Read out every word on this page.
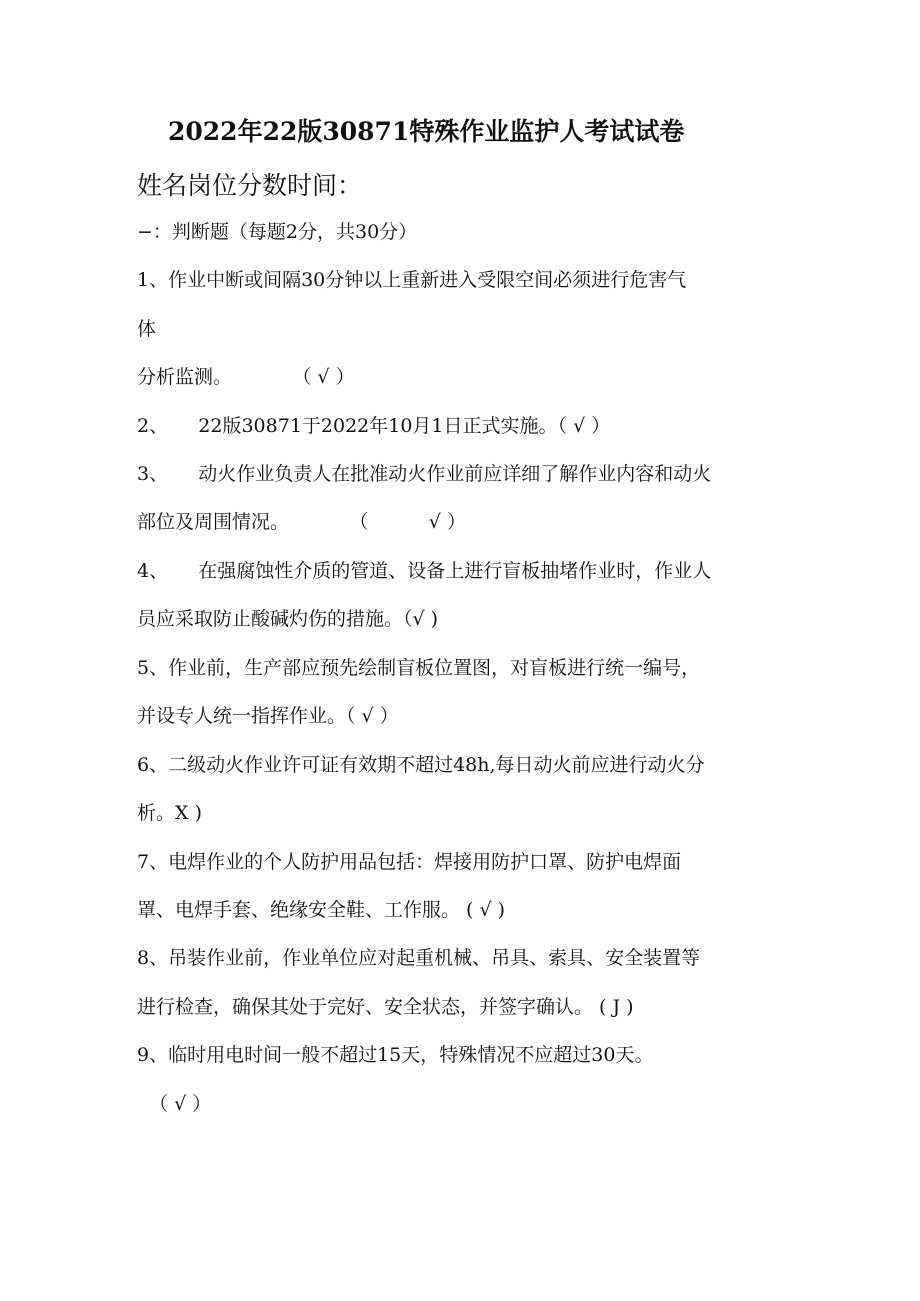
2022年22版30871特殊作业监护人考试试卷
姓名岗位分数时间：
−：判断题（每题2分，共30分）
1、作业中断或间隔30分钟以上重新进入受限空间必须进行危害气
体
分析监测。          （ √ ）
2、     22版30871于2022年10月1日正式实施。（ √ ）
3、     动火作业负责人在批准动火作业前应详细了解作业内容和动火
部位及周围情况。          （          √ ）
4、     在强腐蚀性介质的管道、设备上进行盲板抽堵作业时，作业人
员应采取防止酸碱灼伤的措施。（√ )
5、作业前，生产部应预先绘制盲板位置图，对盲板进行统一编号，
并设专人统一指挥作业。（ √ ）
6、二级动火作业许可证有效期不超过48h,每日动火前应进行动火分
析。X )
7、电焊作业的个人防护用品包括：焊接用防护口罩、防护电焊面
罩、电焊手套、绝缘安全鞋、工作服。 ( √ )
8、吊装作业前，作业单位应对起重机械、吊具、索具、安全装置等
进行检查，确保其处于完好、安全状态，并签字确认。 ( J )
9、临时用电时间一般不超过15天，特殊情况不应超过30天。
（ √ ）
